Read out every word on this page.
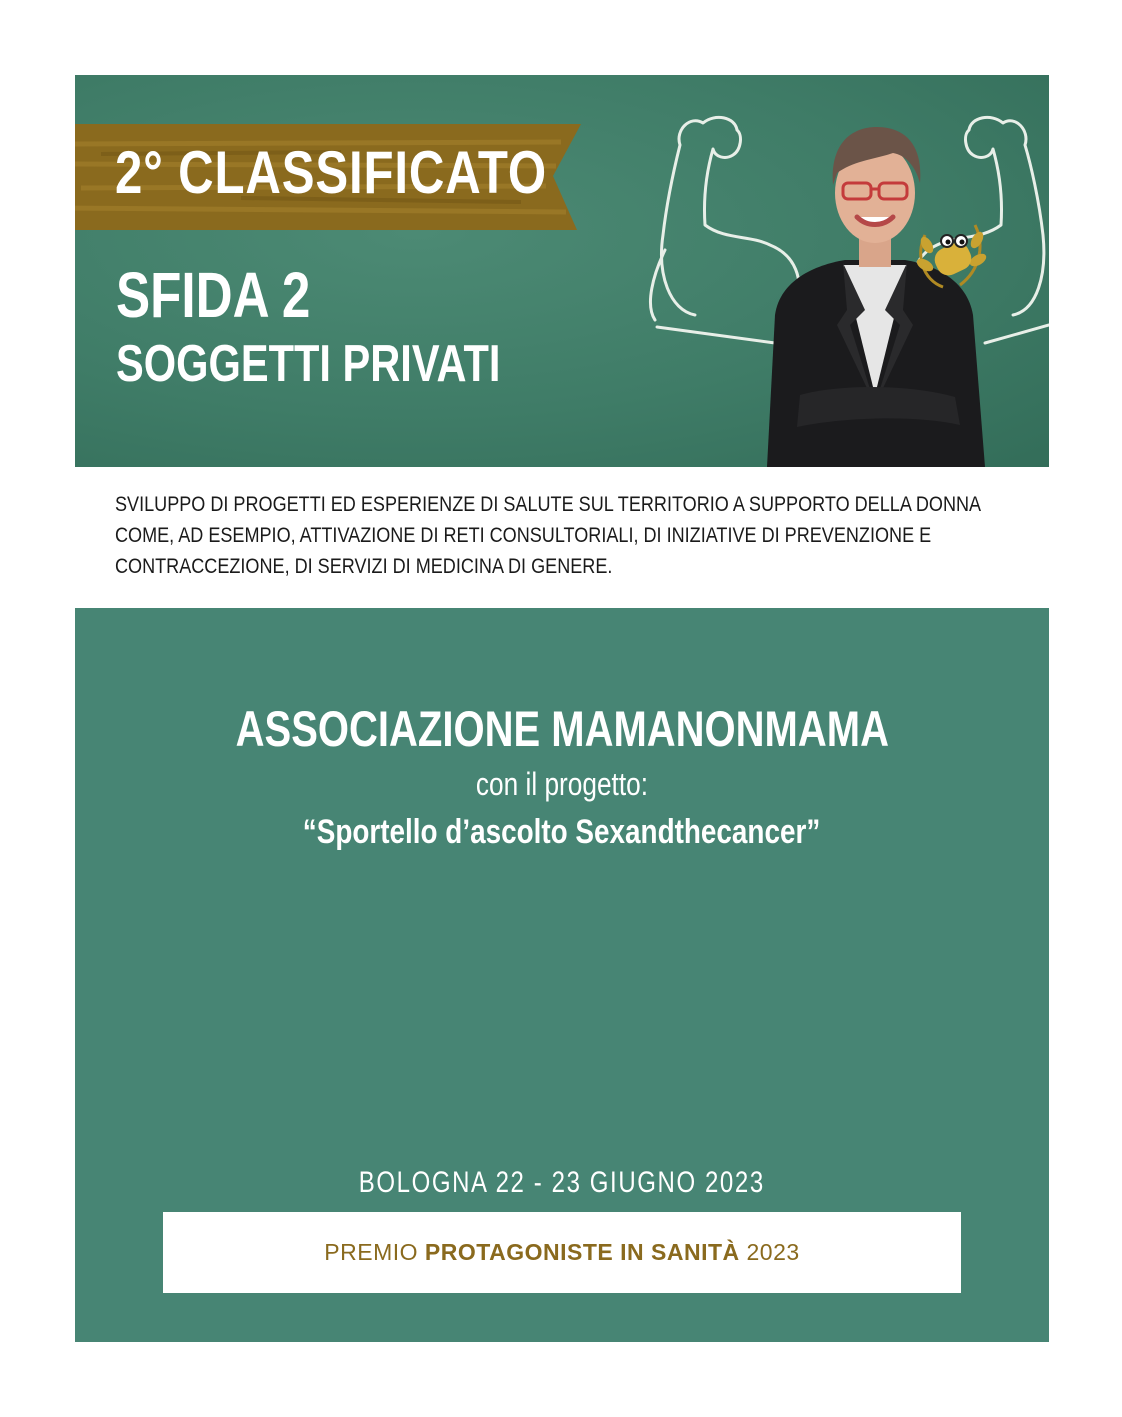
2° CLASSIFICATO
SFIDA 2
SOGGETTI PRIVATI
SVILUPPO DI PROGETTI ED ESPERIENZE DI SALUTE SUL TERRITORIO A SUPPORTO DELLA DONNA COME, AD ESEMPIO, ATTIVAZIONE DI RETI CONSULTORIALI, DI INIZIATIVE DI PREVENZIONE E CONTRACCEZIONE, DI SERVIZI DI MEDICINA DI GENERE.
ASSOCIAZIONE MAMANONMAMA
con il progetto:
“Sportello d’ascolto Sexandthecancer”
BOLOGNA 22 - 23 GIUGNO 2023
PREMIO PROTAGONISTE IN SANITÀ 2023
